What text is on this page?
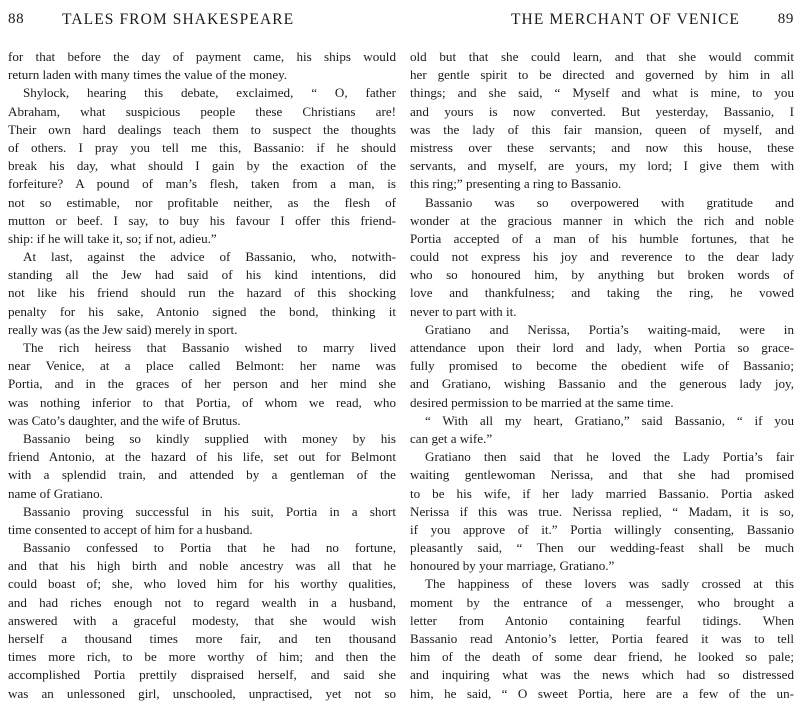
88 TALES FROM SHAKESPEARE
for that before the day of payment came, his ships would
return laden with many times the value of the money.
Shylock, hearing this debate, exclaimed, “ O, father
Abraham, what suspicious people these Christians are!
Their own hard dealings teach them to suspect the thoughts
of others. I pray you tell me this, Bassanio: if he should
break his day, what should I gain by the exaction of the
forfeiture? A pound of man’s flesh, taken from a man, is
not so estimable, nor profitable neither, as the flesh of
mutton or beef. I say, to buy his favour I offer this friend-
ship: if he will take it, so; if not, adieu.”
At last, against the advice of Bassanio, who, notwith-
standing all the Jew had said of his kind intentions, did
not like his friend should run the hazard of this shocking
penalty for his sake, Antonio signed the bond, thinking it
really was (as the Jew said) merely in sport.
The rich heiress that Bassanio wished to marry lived
near Venice, at a place called Belmont: her name was
Portia, and in the graces of her person and her mind she
was nothing inferior to that Portia, of whom we read, who
was Cato’s daughter, and the wife of Brutus.
Bassanio being so kindly supplied with money by his
friend Antonio, at the hazard of his life, set out for Belmont
with a splendid train, and attended by a gentleman of the
name of Gratiano.
Bassanio proving successful in his suit, Portia in a short
time consented to accept of him for a husband.
Bassanio confessed to Portia that he had no fortune,
and that his high birth and noble ancestry was all that he
could boast of; she, who loved him for his worthy qualities,
and had riches enough not to regard wealth in a husband,
answered with a graceful modesty, that she would wish
herself a thousand times more fair, and ten thousand
times more rich, to be more worthy of him; and then the
accomplished Portia prettily dispraised herself, and said she
was an unlessoned girl, unschooled, unpractised, yet not so
THE MERCHANT OF VENICE	89
old but that she could learn, and that she would commit
her gentle spirit to be directed and governed by him in all
things; and she said, “ Myself and what is mine, to you
and yours is now converted. But yesterday, Bassanio, I
was the lady of this fair mansion, queen of myself, and
mistress over these servants; and now this house, these
servants, and myself, are yours, my lord; I give them with
this ring;” presenting a ring to Bassanio.
Bassanio was so overpowered with gratitude and
wonder at the gracious manner in which the rich and noble
Portia accepted of a man of his humble fortunes, that he
could not express his joy and reverence to the dear lady
who so honoured him, by anything but broken words of
love and thankfulness; and taking the ring, he vowed
never to part with it.
Gratiano and Nerissa, Portia’s waiting-maid, were in
attendance upon their lord and lady, when Portia so grace-
fully promised to become the obedient wife of Bassanio;
and Gratiano, wishing Bassanio and the generous lady joy,
desired permission to be married at the same time.
“ With all my heart, Gratiano,” said Bassanio, “ if you
can get a wife.”
Gratiano then said that he loved the Lady Portia’s fair
waiting gentlewoman Nerissa, and that she had promised
to be his wife, if her lady married Bassanio. Portia asked
Nerissa if this was true. Nerissa replied, “ Madam, it is so,
if you approve of it.” Portia willingly consenting, Bassanio
pleasantly said, “ Then our wedding-feast shall be much
honoured by your marriage, Gratiano.”
The happiness of these lovers was sadly crossed at this
moment by the entrance of a messenger, who brought a
letter from Antonio containing fearful tidings. When
Bassanio read Antonio’s letter, Portia feared it was to tell
him of the death of some dear friend, he looked so pale;
and inquiring what was the news which had so distressed
him, he said, “ O sweet Portia, here are a few of the un-
